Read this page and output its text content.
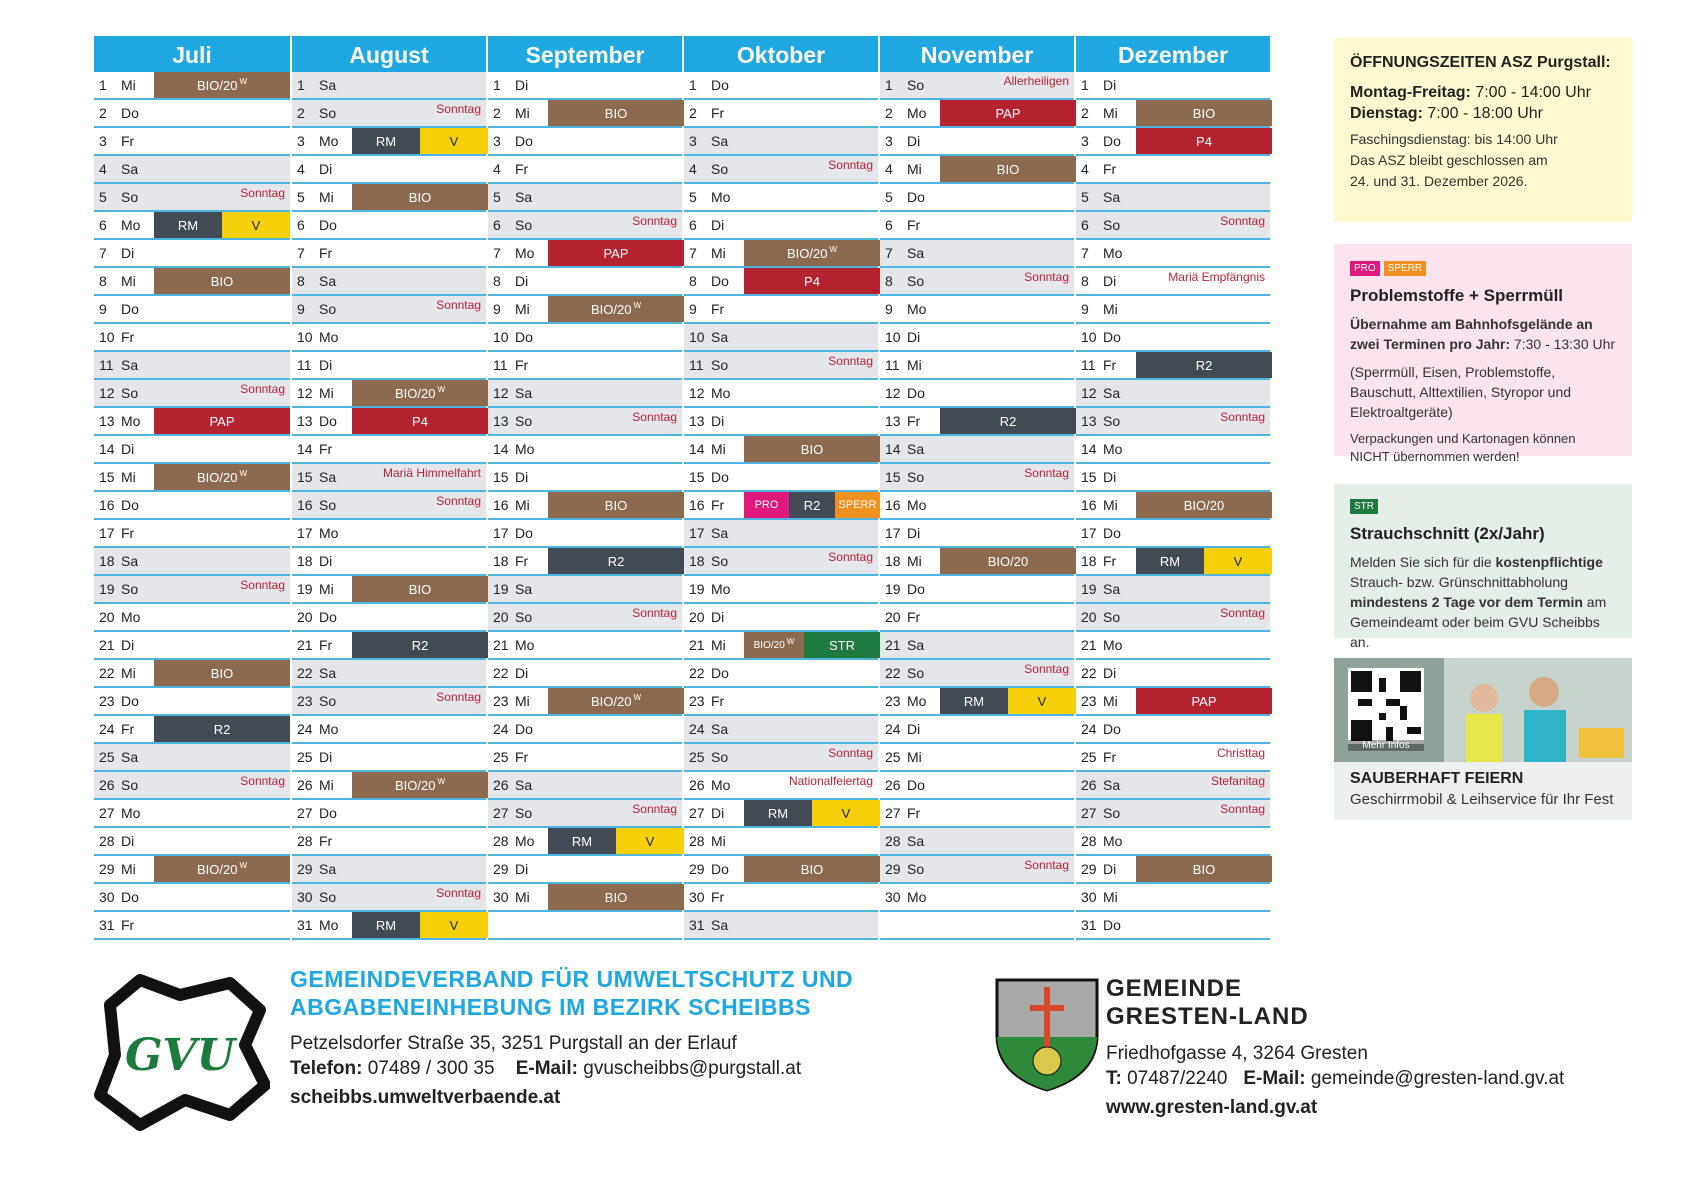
Juli
1	Mi	BIO/20 $^W$
2	Do
3	Fr
4	Sa
5	So	Sonntag
6	Mo	RM	V
7	Di
8	Mi	BIO
9	Do
10 Fr
11 Sa
12 So	Sonntag
13 Mo	PAP
14 Di
15 Mi	BIO/20 $^W$
16 Do
17 Fr
18 Sa
19 So	Sonntag
20 Mo
21 Di
22 Mi	BIO
23 Do
24 Fr	R2
25 Sa
26 So	Sonntag
27 Mo
28 Di
29 Mi	BIO/20 $^W$
30 Do
31 Fr
August
1	Sa
2	So	Sonntag
3	Mo	RM	V
4	Di
5	Mi	BIO
6	Do
7	Fr
8	Sa
9	So	Sonntag
10 Mo
11 Di
12 Mi	BIO/20 $^W$
13 Do	P4
14 Fr
15 Sa	Mariä Himmelfahrt
16 So	Sonntag
17 Mo
18 Di
19 Mi	BIO
20 Do
21 Fr	R2
22 Sa
23 So	Sonntag
24 Mo
25 Di
26 Mi	BIO/20 $^W$
27 Do
28 Fr
29 Sa
30 So	Sonntag
31 Mo	RM	V
September
1	Di
2	Mi	BIO
3	Do
4	Fr
5	Sa
6	So	Sonntag
7	Mo	PAP
8	Di
9	Mi	BIO/20 $^W$
10 Do
11 Fr
12 Sa
13 So	Sonntag
14 Mo
15 Di
16 Mi	BIO
17 Do
18 Fr	R2
19 Sa
20 So	Sonntag
21 Mo
22 Di
23 Mi	BIO/20 $^W$
24 Do
25 Fr
26 Sa
27 So	Sonntag
28 Mo	RM	V
29 Di
30 Mi	BIO
Oktober
1	Do
2	Fr
3	Sa
4	So	Sonntag
5	Mo
6	Di
7	Mi	BIO/20 $^W$
8	Do	P4
9	Fr
10 Sa
11 So	Sonntag
12 Mo
13 Di
14 Mi	BIO
15 Do
16 Fr	PRO R2 SPERR
17 Sa
18 So	Sonntag
19 Mo
20 Di
21 Mi	BIO/20 $^W$	STR
22 Do
23 Fr
24 Sa
25 So	Sonntag
26 Mo	Nationalfeiertag
27 Di	RM	V
28 Mi
29 Do	BIO
30 Fr
31 Sa
November
1	So	Allerheiligen
2	Mo	PAP
3	Di
4	Mi	BIO
5	Do
6	Fr
7	Sa
8	So	Sonntag
9	Mo
10 Di
11 Mi
12 Do
13 Fr	R2
14 Sa
15 So	Sonntag
16 Mo
17 Di
18 Mi	BIO/20
19 Do
20 Fr
21 Sa
22 So	Sonntag
23 Mo	RM	V
24 Di
25 Mi
26 Do
27 Fr
28 Sa
29 So	Sonntag
30 Mo
Dezember
1	Di
2	Mi	BIO
3	Do	P4
4	Fr
5	Sa
6	So	Sonntag
7	Mo
8	Di	Mariä Empfängnis
9	Mi
10 Do
11 Fr	R2
12 Sa
13 So	Sonntag
14 Mo
15 Di
16 Mi	BIO/20
17 Do
18 Fr	RM	V
19 Sa
20 So	Sonntag
21 Mo
22 Di
23 Mi	PAP
24 Do
25 Fr	Christtag
26 Sa	Stefanitag
27 So	Sonntag
28 Mo
29 Di	BIO
30 Mi
31 Do
ÖFFNUNGSZEITEN ASZ Purgstall:
Montag-Freitag: 7:00 - 14:00 Uhr
Dienstag: 7:00 - 18:00 Uhr
Faschingsdienstag: bis 14:00 Uhr
Das ASZ bleibt geschlossen am
24. und 31. Dezember 2026.
PRO SPERR
Problemstoffe + Sperrmüll

Übernahme am Bahnhofsgelände an zwei Terminen pro Jahr: 7:30 - 13:30 Uhr

(Sperrmüll, Eisen, Problemstoffe, Bauschutt, Alttextilien, Styropor und Elektroaltgeräte)

Verpackungen und Kartonagen können NICHT übernommen werden!

STR
Strauchschnitt (2x/Jahr)

Melden Sie sich für die kostenpflichtige Strauch- bzw. Grünschnittabholung mindestens 2 Tage vor dem Termin am Gemeindeamt oder beim GVU Scheibbs an.

Mehr Infos
SAUBERHAFT FEIERN
Geschirrmobil & Leihservice für Ihr Fest
GVU
GEMEINDEVERBAND FÜR UMWELTSCHUTZ UND
ABGABENEINHEBUNG IM BEZIRK SCHEIBBS
Petzelsdorfer Straße 35, 3251 Purgstall an der Erlauf
Telefon: 07489 / 300 35 E-Mail: gvuscheibbs@purgstall.at
scheibbs.umweltverbaende.at
GEMEINDE
GRESTEN-LAND
Friedhofgasse 4, 3264 Gresten
T: 07487/2240 E-Mail: gemeinde@gresten-land.gv.at
www.gresten-land.gv.at
